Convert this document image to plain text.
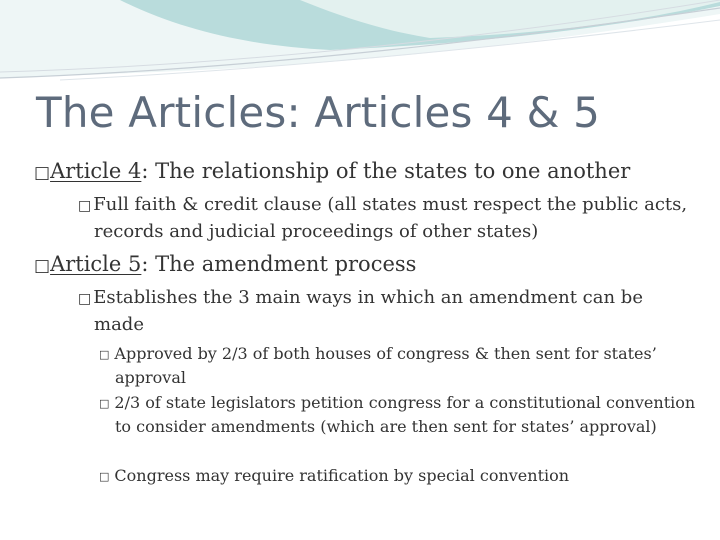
The Articles: Articles 4 & 5
□Article 4: The relationship of the states to one another
□ Full faith & credit clause (all states must respect the public acts, records and judicial proceedings of other states)
□Article 5: The amendment process
□ Establishes the 3 main ways in which an amendment can be made
□ Approved by 2/3 of both houses of congress & then sent for states’ approval
□ 2/3 of state legislators petition congress for a constitutional convention to consider amendments (which are then sent for states’ approval)
□ Congress may require ratification by special convention
